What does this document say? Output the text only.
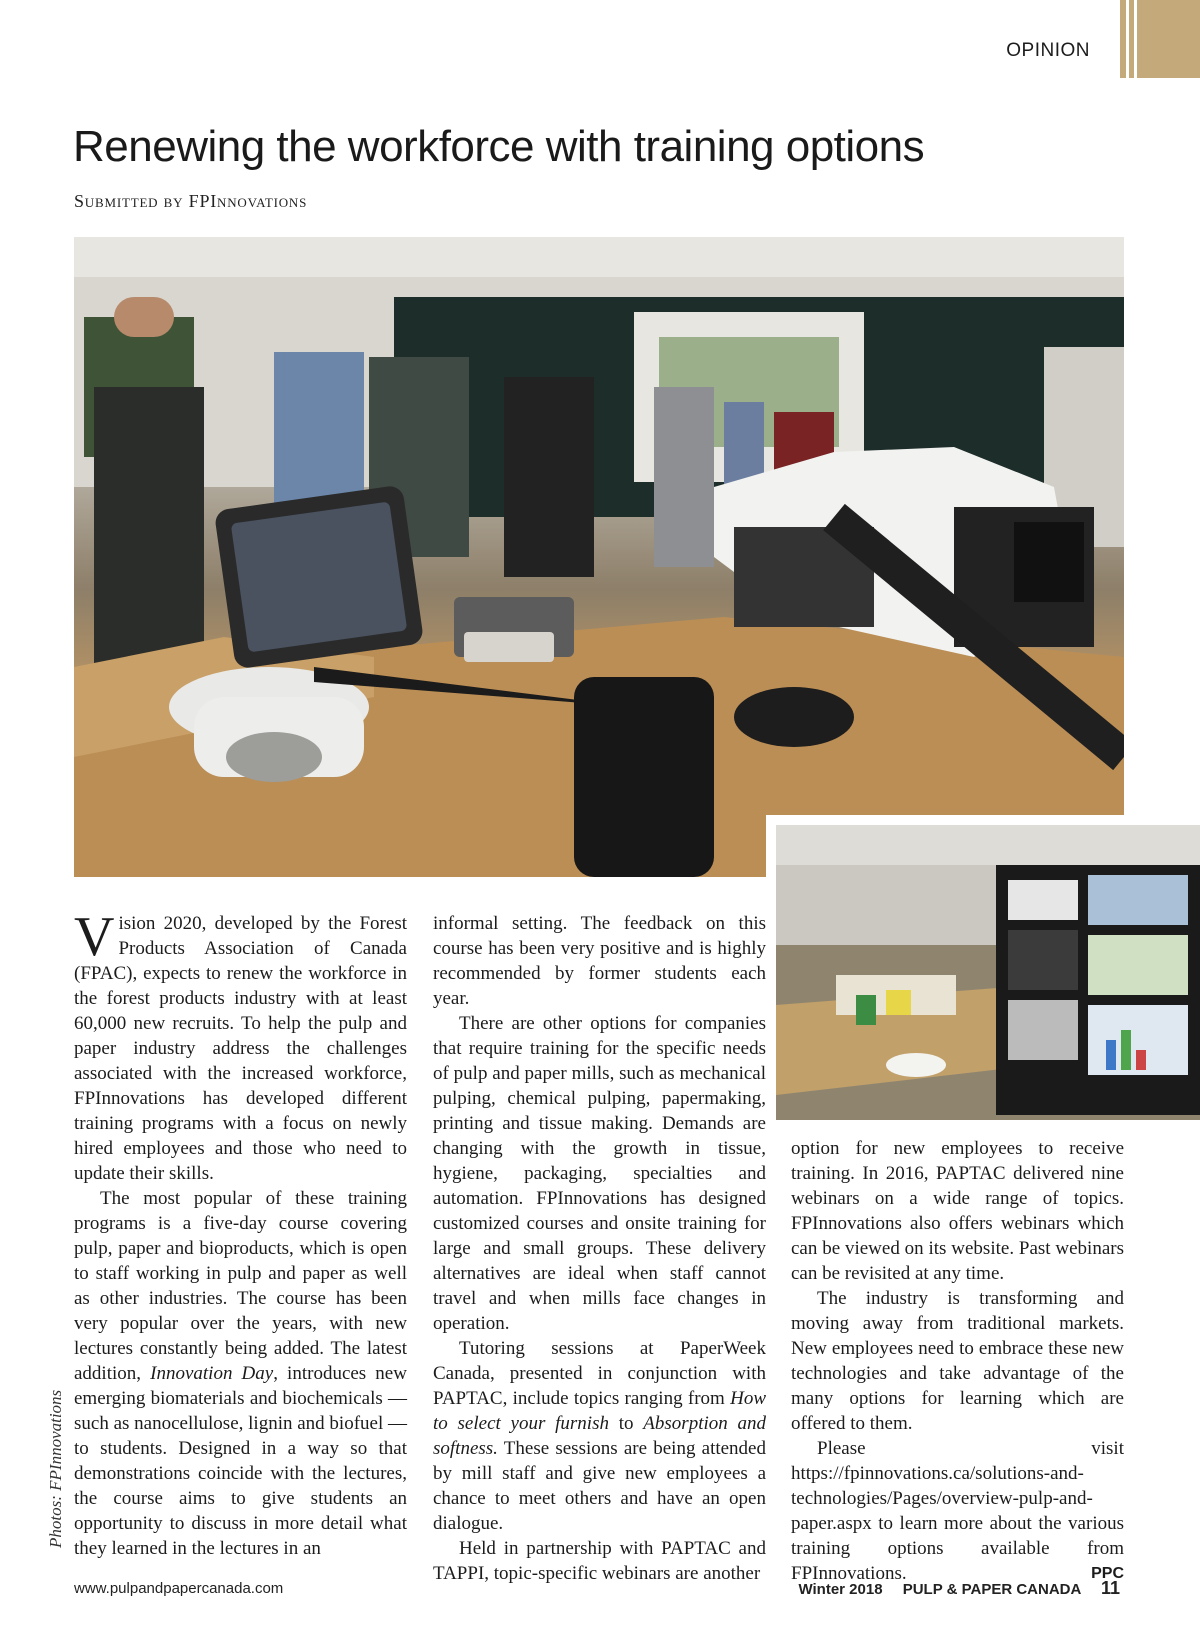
OPINION
Renewing the workforce with training options
Submitted by FPInnovations
Photos: FPInnovations

Vision 2020, developed by the Forest Products Association of Canada (FPAC), expects to renew the workforce in the forest products industry with at least 60,000 new recruits. To help the pulp and paper industry address the challenges associated with the increased workforce, FPInnovations has developed different training programs with a focus on newly hired employees and those who need to update their skills.

The most popular of these training programs is a five-day course covering pulp, paper and bioproducts, which is open to staff working in pulp and paper as well as other industries. The course has been very popular over the years, with new lectures constantly being added. The latest addition, Innovation Day, introduces new emerging biomaterials and biochemicals — such as nanocellulose, lignin and biofuel — to students. Designed in a way so that demonstrations coincide with the lectures, the course aims to give students an opportunity to discuss in more detail what they learned in the lectures in an

informal setting. The feedback on this course has been very positive and is highly recommended by former students each year.

There are other options for companies that require training for the specific needs of pulp and paper mills, such as mechanical pulping, chemical pulping, papermaking, printing and tissue making. Demands are changing with the growth in tissue, hygiene, packaging, specialties and automation. FPInnovations has designed customized courses and onsite training for large and small groups. These delivery alternatives are ideal when staff cannot travel and when mills face changes in operation.

Tutoring sessions at PaperWeek Canada, presented in conjunction with PAPTAC, include topics ranging from How to select your furnish to Absorption and softness. These sessions are being attended by mill staff and give new employees a chance to meet others and have an open dialogue.

Held in partnership with PAPTAC and TAPPI, topic-specific webinars are another

option for new employees to receive training. In 2016, PAPTAC delivered nine webinars on a wide range of topics. FPInnovations also offers webinars which can be viewed on its website. Past webinars can be revisited at any time.

The industry is transforming and moving away from traditional markets. New employees need to embrace these new technologies and take advantage of the many options for learning which are offered to them.

Please visit https://fpinnovations.ca/solutions-and-technologies/Pages/overview-pulp-and-paper.aspx to learn more about the various training options available from FPInnovations.	PPC

www.pulpandpapercanada.com	Winter 2018 PULP & PAPER CANADA 11
